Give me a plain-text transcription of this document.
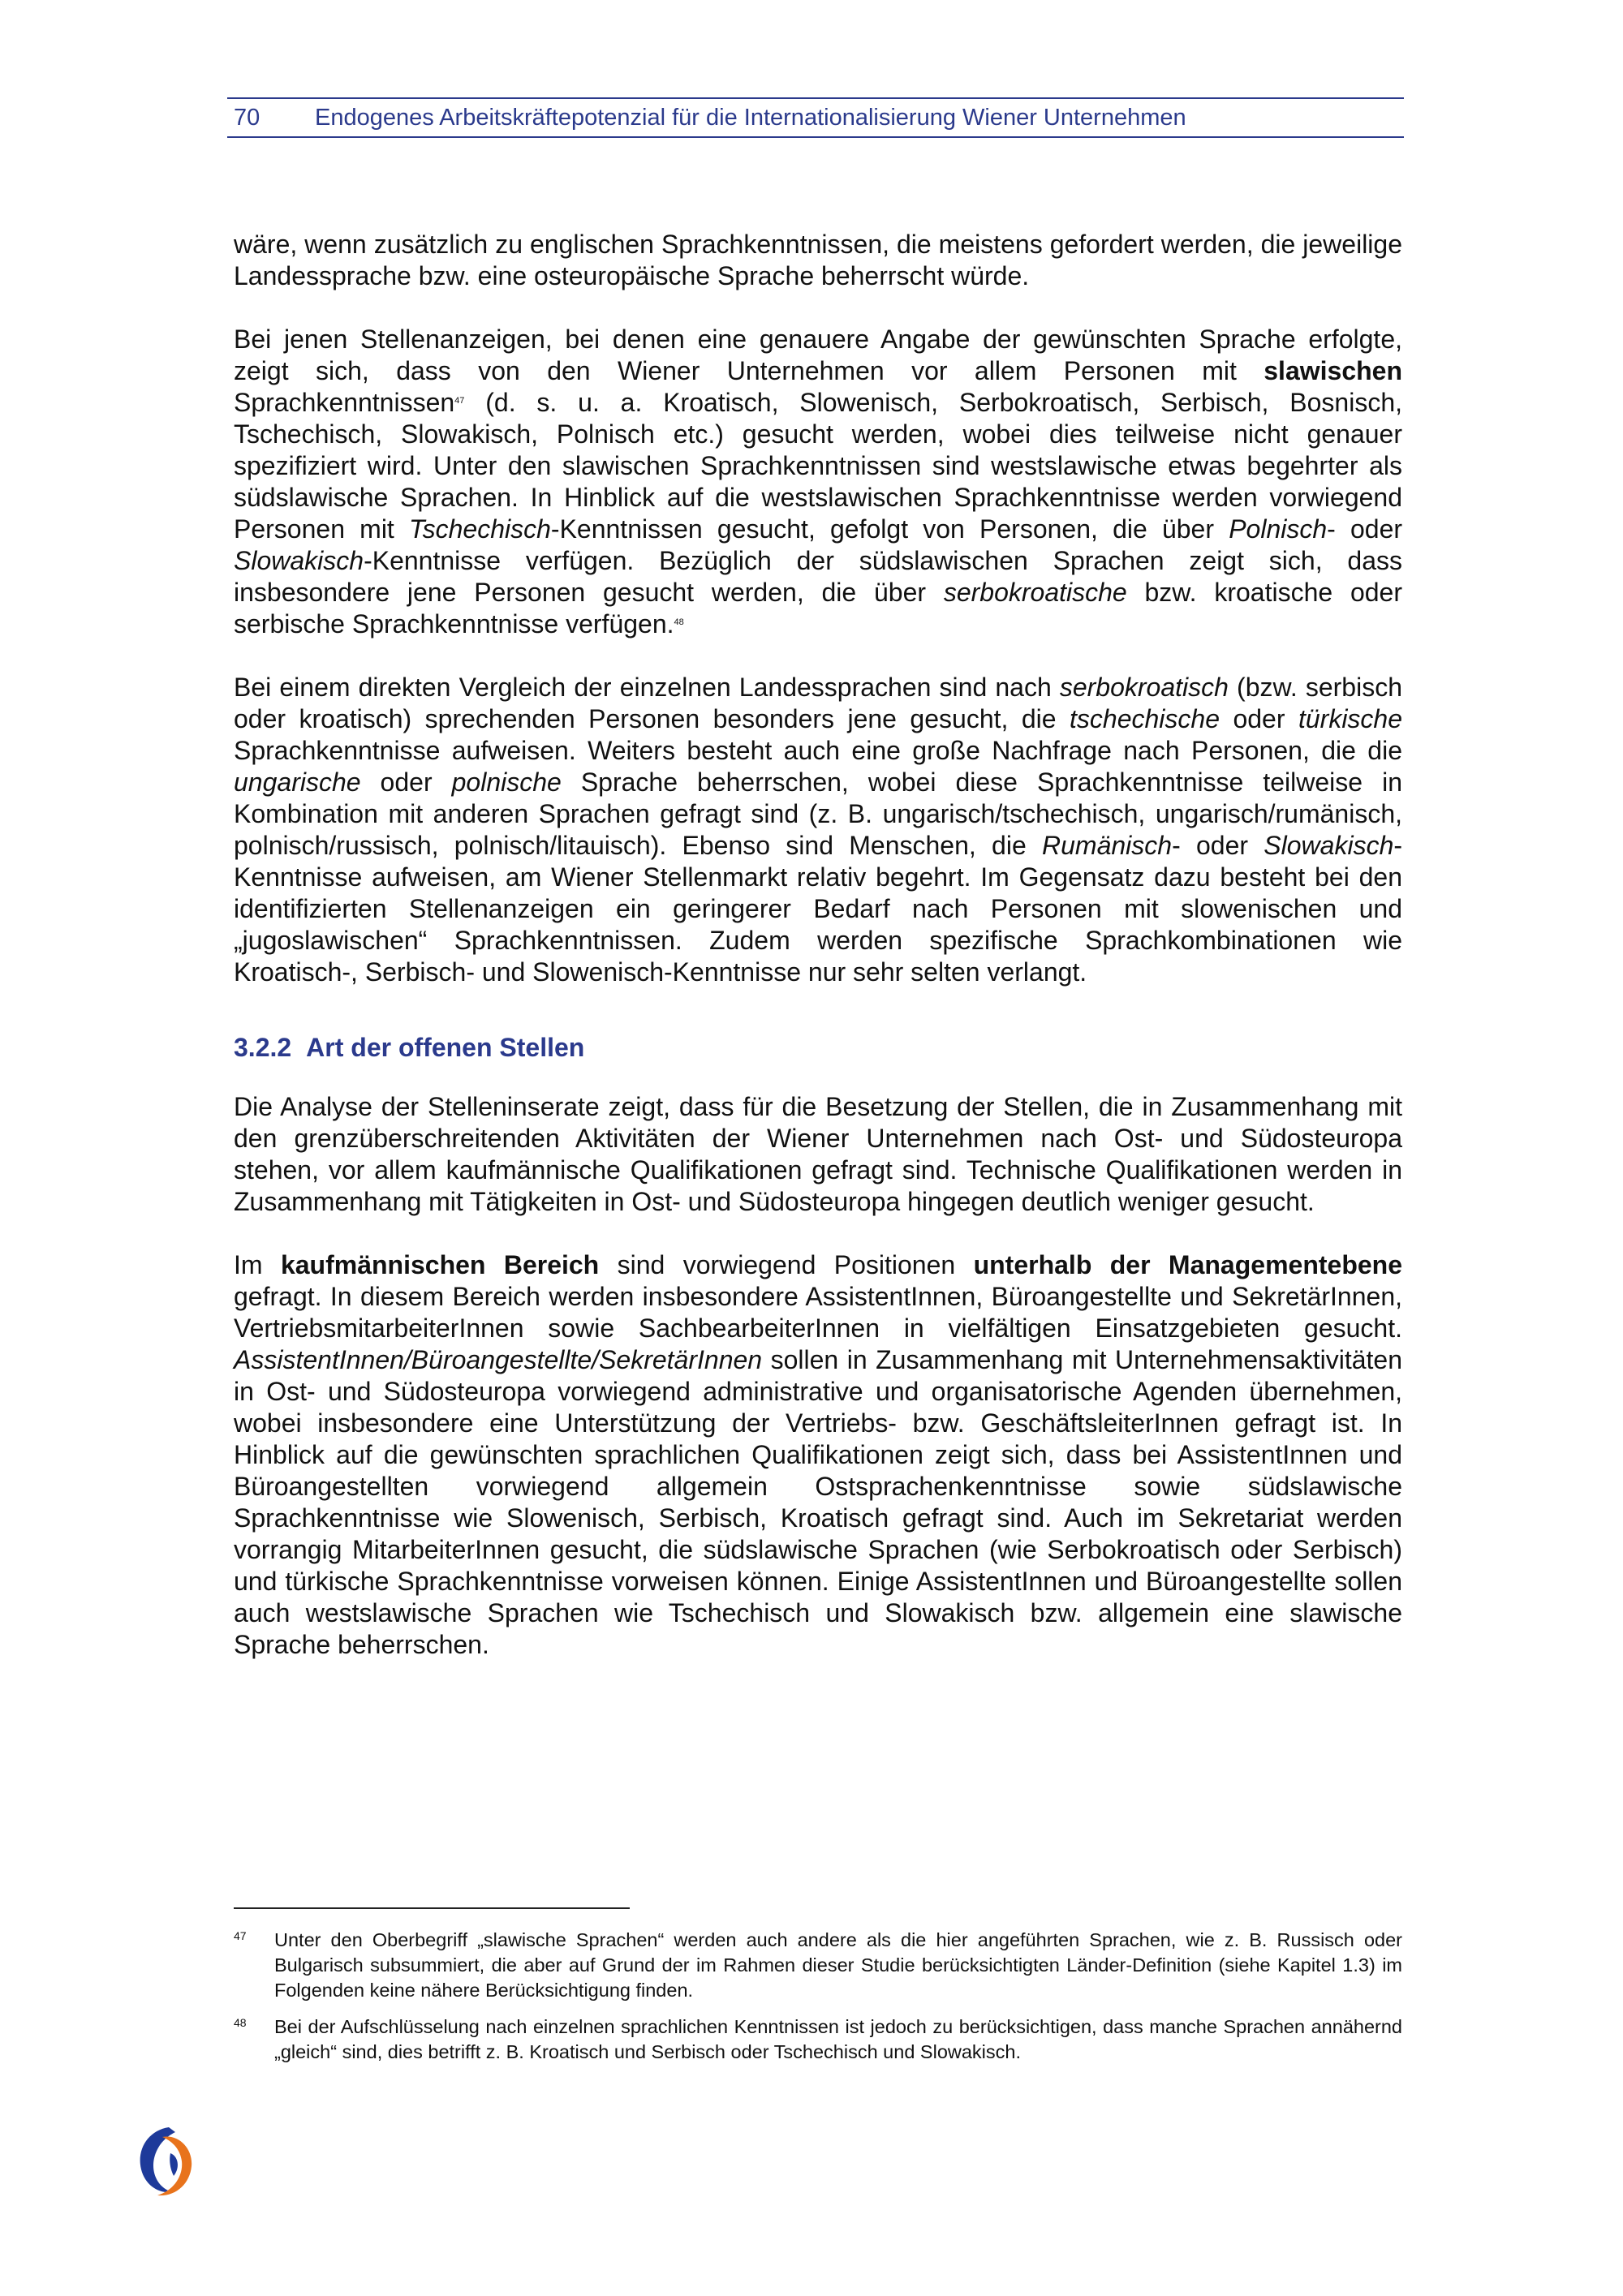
70 Endogenes Arbeitskräftepotenzial für die Internationalisierung Wiener Unternehmen

wäre, wenn zusätzlich zu englischen Sprachkenntnissen, die meistens gefordert werden, die jeweilige Landessprache bzw. eine osteuropäische Sprache beherrscht würde.

Bei jenen Stellenanzeigen, bei denen eine genauere Angabe der gewünschten Sprache erfolgte, zeigt sich, dass von den Wiener Unternehmen vor allem Personen mit slawischen Sprachkenntnissen$^{47}$ (d. s. u. a. Kroatisch, Slowenisch, Serbokroatisch, Serbisch, Bosnisch, Tschechisch, Slowakisch, Polnisch etc.) gesucht werden, wobei dies teilweise nicht genauer spezifiziert wird. Unter den slawischen Sprachkenntnissen sind westslawische etwas begehrter als südslawische Sprachen. In Hinblick auf die westslawischen Sprachkenntnisse werden vorwiegend Personen mit Tschechisch-Kenntnissen gesucht, gefolgt von Personen, die über Polnisch- oder Slowakisch-Kenntnisse verfügen. Bezüglich der südslawischen Sprachen zeigt sich, dass insbesondere jene Personen gesucht werden, die über serbokroatische bzw. kroatische oder serbische Sprachkenntnisse verfügen.$^{48}$

Bei einem direkten Vergleich der einzelnen Landessprachen sind nach serbokroatisch (bzw. serbisch oder kroatisch) sprechenden Personen besonders jene gesucht, die tschechische oder türkische Sprachkenntnisse aufweisen. Weiters besteht auch eine große Nachfrage nach Personen, die die ungarische oder polnische Sprache beherrschen, wobei diese Sprachkenntnisse teilweise in Kombination mit anderen Sprachen gefragt sind (z. B. ungarisch/tschechisch, ungarisch/rumänisch, polnisch/russisch, polnisch/litauisch). Ebenso sind Menschen, die Rumänisch- oder Slowakisch-Kenntnisse aufweisen, am Wiener Stellenmarkt relativ begehrt. Im Gegensatz dazu besteht bei den identifizierten Stellenanzeigen ein geringerer Bedarf nach Personen mit slowenischen und „jugoslawischen“ Sprachkenntnissen. Zudem werden spezifische Sprachkombinationen wie Kroatisch-, Serbisch- und Slowenisch-Kenntnisse nur sehr selten verlangt.

3.2.2 Art der offenen Stellen

Die Analyse der Stelleninserate zeigt, dass für die Besetzung der Stellen, die in Zusammenhang mit den grenzüberschreitenden Aktivitäten der Wiener Unternehmen nach Ost- und Südosteuropa stehen, vor allem kaufmännische Qualifikationen gefragt sind. Technische Qualifikationen werden in Zusammenhang mit Tätigkeiten in Ost- und Südosteuropa hingegen deutlich weniger gesucht.

Im kaufmännischen Bereich sind vorwiegend Positionen unterhalb der Managementebene gefragt. In diesem Bereich werden insbesondere AssistentInnen, Büroangestellte und SekretärInnen, VertriebsmitarbeiterInnen sowie SachbearbeiterInnen in vielfältigen Einsatzgebieten gesucht. AssistentInnen/Büroangestellte/SekretärInnen sollen in Zusammenhang mit Unternehmensaktivitäten in Ost- und Südosteuropa vorwiegend administrative und organisatorische Agenden übernehmen, wobei insbesondere eine Unterstützung der Vertriebs- bzw. GeschäftsleiterInnen gefragt ist. In Hinblick auf die gewünschten sprachlichen Qualifikationen zeigt sich, dass bei AssistentInnen und Büroangestellten vorwiegend allgemein Ostsprachenkenntnisse sowie südslawische Sprachkenntnisse wie Slowenisch, Serbisch, Kroatisch gefragt sind. Auch im Sekretariat werden vorrangig MitarbeiterInnen gesucht, die südslawische Sprachen (wie Serbokroatisch oder Serbisch) und türkische Sprachkenntnisse vorweisen können. Einige AssistentInnen und Büroangestellte sollen auch westslawische Sprachen wie Tschechisch und Slowakisch bzw. allgemein eine slawische Sprache beherrschen.

47	Unter den Oberbegriff „slawische Sprachen“ werden auch andere als die hier angeführten Sprachen, wie z. B. Russisch oder Bulgarisch subsummiert, die aber auf Grund der im Rahmen dieser Studie berücksichtigten Länder-Definition (siehe Kapitel 1.3) im Folgenden keine nähere Berücksichtigung finden.
48	Bei der Aufschlüsselung nach einzelnen sprachlichen Kenntnissen ist jedoch zu berücksichtigen, dass manche Sprachen annähernd „gleich“ sind, dies betrifft z. B. Kroatisch und Serbisch oder Tschechisch und Slowakisch.
